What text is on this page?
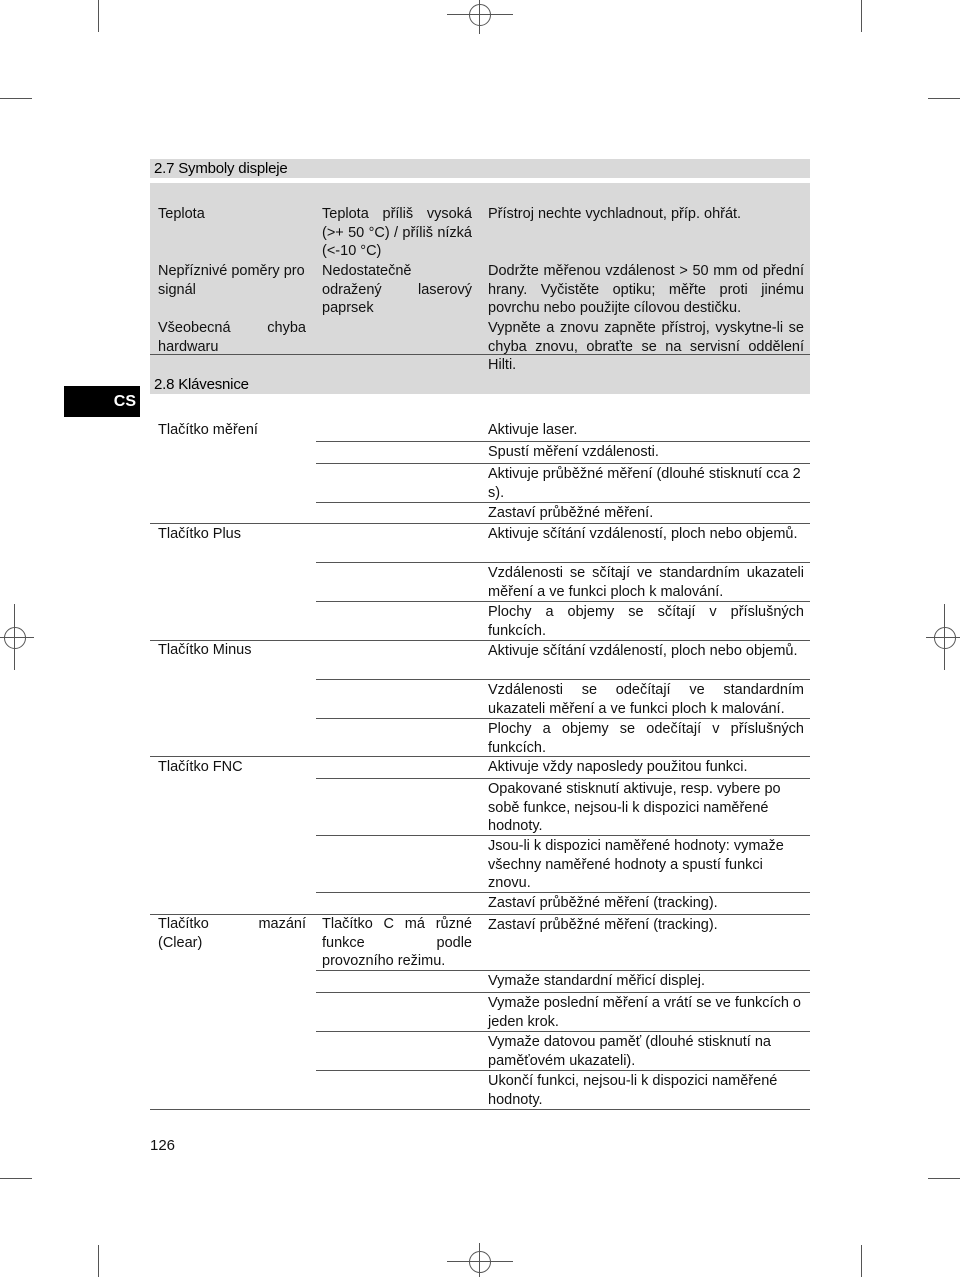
CS
2.7 Symboly displeje
Teplota	Teplota příliš vysoká (>+ 50 °C) / příliš nízká (<-10 °C)
Přístroj nechte vychladnout, příp. ohřát.
Nepříznivé poměry pro signál
Nedostatečně odražený laserový paprsek
Dodržte měřenou vzdálenost > 50 mm od přední hrany. Vyčistěte optiku; měřte proti jinému povrchu nebo použijte cílovou destičku.
Všeobecná chyba hardwaru
Vypněte a znovu zapněte přístroj, vyskytne-li se chyba znovu, obraťte se na servisní oddělení Hilti.
2.8 Klávesnice
Tlačítko měření
Tlačítko Plus
Tlačítko Minus
Tlačítko FNC
Tlačítko mazání (Clear)
Tlačítko C má různé funkce podle provozního režimu.
Aktivuje laser.
Spustí měření vzdálenosti.
Aktivuje průběžné měření (dlouhé stisknutí cca 2 s).
Zastaví průběžné měření.
Aktivuje sčítání vzdáleností, ploch nebo objemů.
Vzdálenosti se sčítají ve standardním ukazateli měření a ve funkci ploch k malování.
Plochy a objemy se sčítají v příslušných funkcích.
Aktivuje sčítání vzdáleností, ploch nebo objemů.
Vzdálenosti se odečítají ve standardním ukazateli měření a ve funkci ploch k malování.
Plochy a objemy se odečítají v příslušných funkcích.
Aktivuje vždy naposledy použitou funkci.
Opakované stisknutí aktivuje, resp. vybere po sobě funkce, nejsou-li k dispozici naměřené hodnoty.
Jsou-li k dispozici naměřené hodnoty: vymaže všechny naměřené hodnoty a spustí funkci znovu.
Zastaví průběžné měření (tracking).
Zastaví průběžné měření (tracking).
Vymaže standardní měřicí displej.
Vymaže poslední měření a vrátí se ve funkcích o jeden krok.
Vymaže datovou paměť (dlouhé stisknutí na paměťovém ukazateli).
Ukončí funkci, nejsou-li k dispozici naměřené hodnoty.
126
